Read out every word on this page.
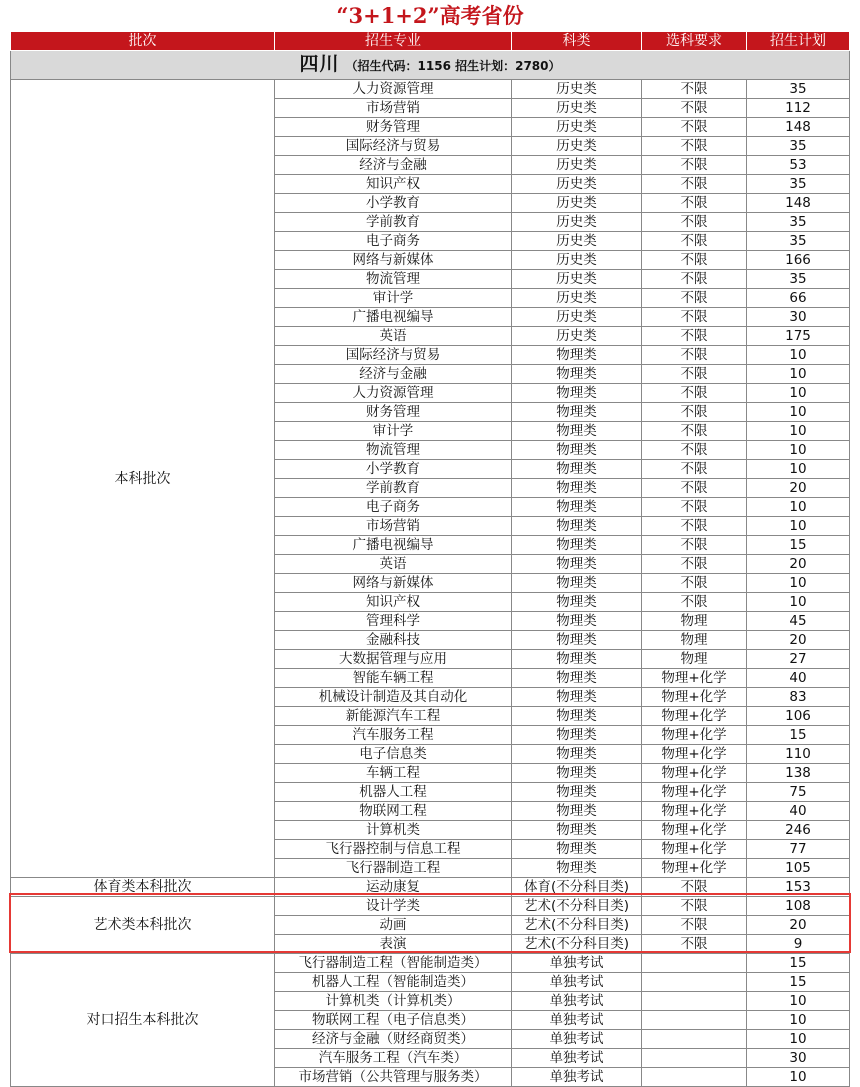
“3+1+2”高考省份
批次	招生专业	科类	选科要求	招生计划
四川 （招生代码：1156 招生计划：2780）				
本科批次	人力资源管理	历史类	不限	35
	市场营销	历史类	不限	112
	财务管理	历史类	不限	148
	国际经济与贸易	历史类	不限	35
	经济与金融	历史类	不限	53
	知识产权	历史类	不限	35
	小学教育	历史类	不限	148
	学前教育	历史类	不限	35
	电子商务	历史类	不限	35
	网络与新媒体	历史类	不限	166
	物流管理	历史类	不限	35
	审计学	历史类	不限	66
	广播电视编导	历史类	不限	30
	英语	历史类	不限	175
	国际经济与贸易	物理类	不限	10
	经济与金融	物理类	不限	10
	人力资源管理	物理类	不限	10
	财务管理	物理类	不限	10
	审计学	物理类	不限	10
	物流管理	物理类	不限	10
	小学教育	物理类	不限	10
	学前教育	物理类	不限	20
	电子商务	物理类	不限	10
	市场营销	物理类	不限	10
	广播电视编导	物理类	不限	15
	英语	物理类	不限	20
	网络与新媒体	物理类	不限	10
	知识产权	物理类	不限	10
	管理科学	物理类	物理	45
	金融科技	物理类	物理	20
	大数据管理与应用	物理类	物理	27
	智能车辆工程	物理类	物理+化学	40
	机械设计制造及其自动化	物理类	物理+化学	83
	新能源汽车工程	物理类	物理+化学	106
	汽车服务工程	物理类	物理+化学	15
	电子信息类	物理类	物理+化学	110
	车辆工程	物理类	物理+化学	138
	机器人工程	物理类	物理+化学	75
	物联网工程	物理类	物理+化学	40
	计算机类	物理类	物理+化学	246
	飞行器控制与信息工程	物理类	物理+化学	77
	飞行器制造工程	物理类	物理+化学	105
体育类本科批次	运动康复	体育(不分科目类)	不限	153
艺术类本科批次	设计学类	艺术(不分科目类)	不限	108
	动画	艺术(不分科目类)	不限	20
	表演	艺术(不分科目类)	不限	9
对口招生本科批次	飞行器制造工程（智能制造类）	单独考试		15
	机器人工程（智能制造类）	单独考试		15
	计算机类（计算机类）	单独考试		10
	物联网工程（电子信息类）	单独考试		10
	经济与金融（财经商贸类）	单独考试		10
	汽车服务工程（汽车类）	单独考试		30
	市场营销（公共管理与服务类）	单独考试		10
